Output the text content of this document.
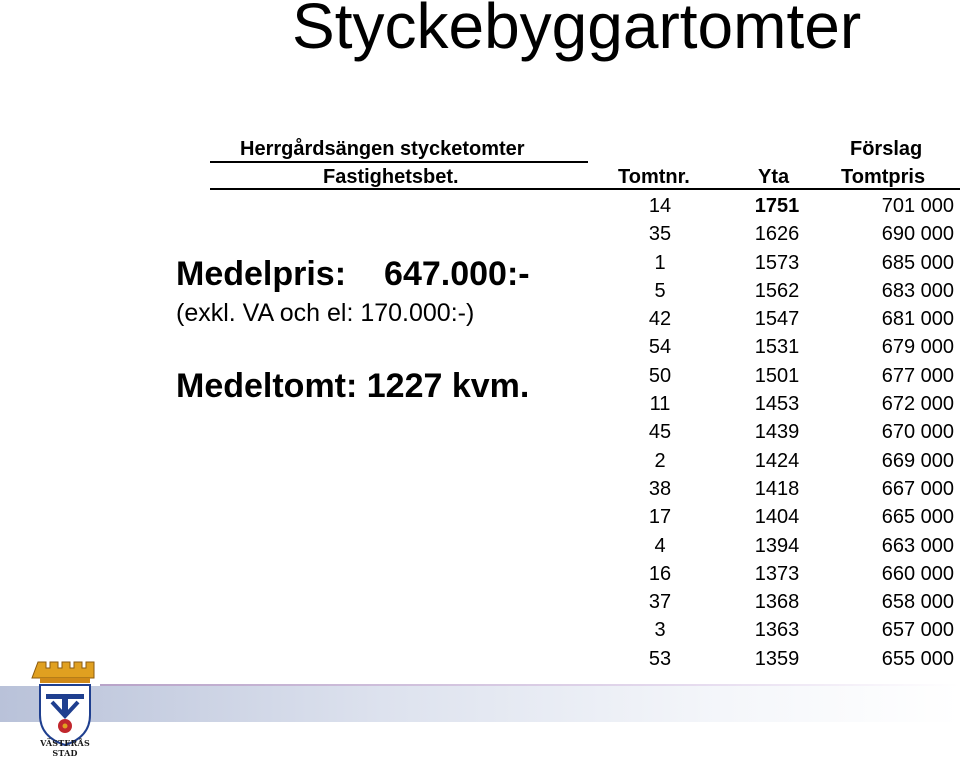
Styckebyggartomter
Herrgårdsängen stycketomter	Förslag
Fastighetsbet.	Tomtnr.	Yta	Tomtpris
Medelpris: 647.000:-
(exkl. VA och el: 170.000:-)
Medeltomt: 1227 kvm.
14	1751	701 000
35	1626	690 000
1	1573	685 000
5	1562	683 000
42	1547	681 000
54	1531	679 000
50	1501	677 000
11	1453	672 000
45	1439	670 000
2	1424	669 000
38	1418	667 000
17	1404	665 000
4	1394	663 000
16	1373	660 000
37	1368	658 000
3	1363	657 000
53	1359	655 000
VÄSTERÅS STAD
